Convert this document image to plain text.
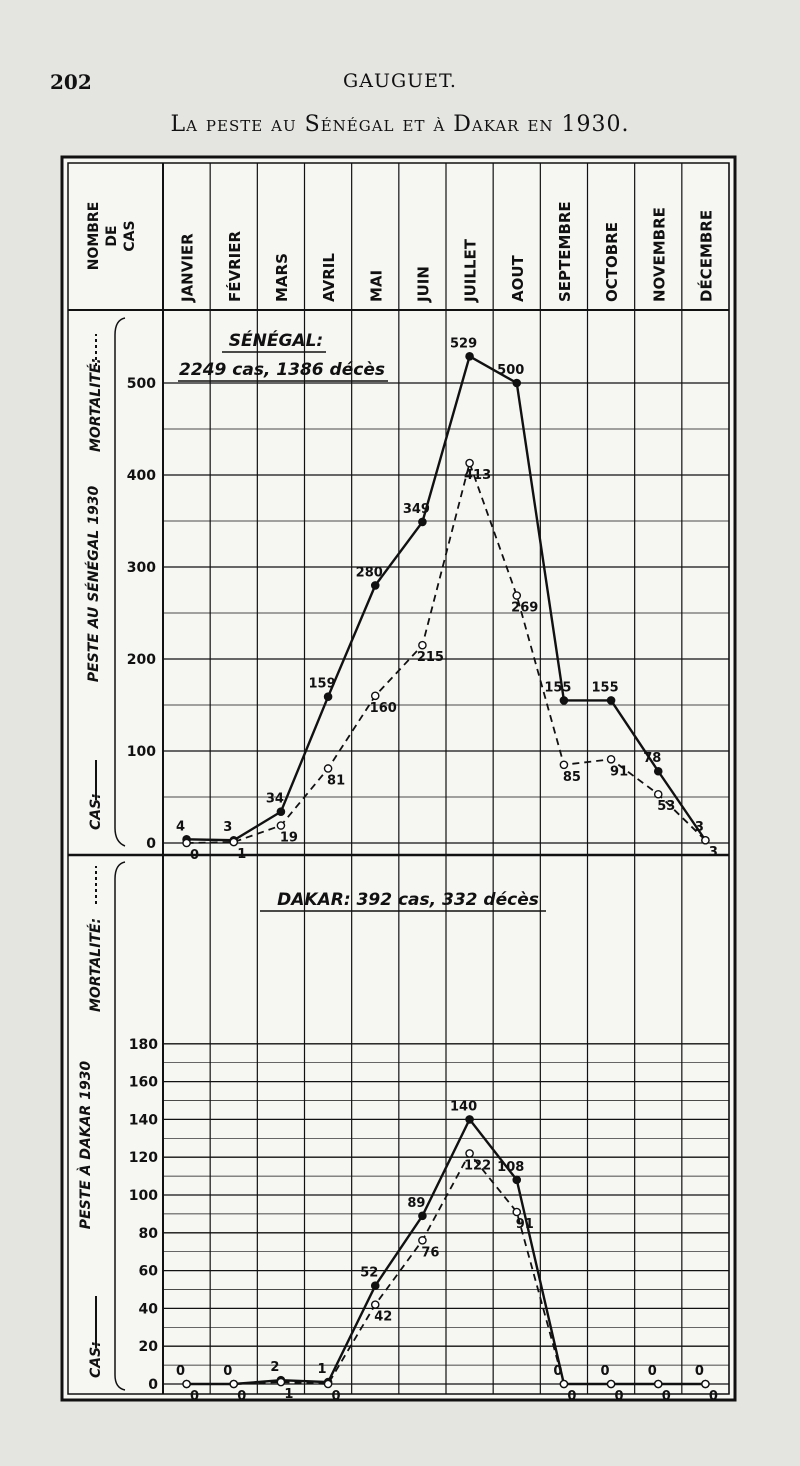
202	GAUGUET.
La peste au Sénégal et à Dakar en 1930.
JANVIER FÉVRIER MARS AVRIL MAI JUIN JUILLET AOUT SEPTEMBRE OCTOBRE NOVEMBRE DÉCEMBRE
NOMBRE DE CAS
0
100
200
300
400
500
0
20
40
60
80
100
120
140
160
180
PESTE AU SÉNÉGAL 1930
PESTE À DAKAR 1930
CAS:
MORTALITÉ:
CAS:
MORTALITÉ:
SÉNÉGAL:
2249 cas, 1386 décès
DAKAR: 392 cas, 332 décès
4	3
34
159
280
349
529
500
155 155
78
3
0	1
19
81
160
215
413
269
85 91
53
3
0	0	2	1
52
89
140
108
0	0	0	0
0	0	1	0
42
76
122
91
0	0	0	0
